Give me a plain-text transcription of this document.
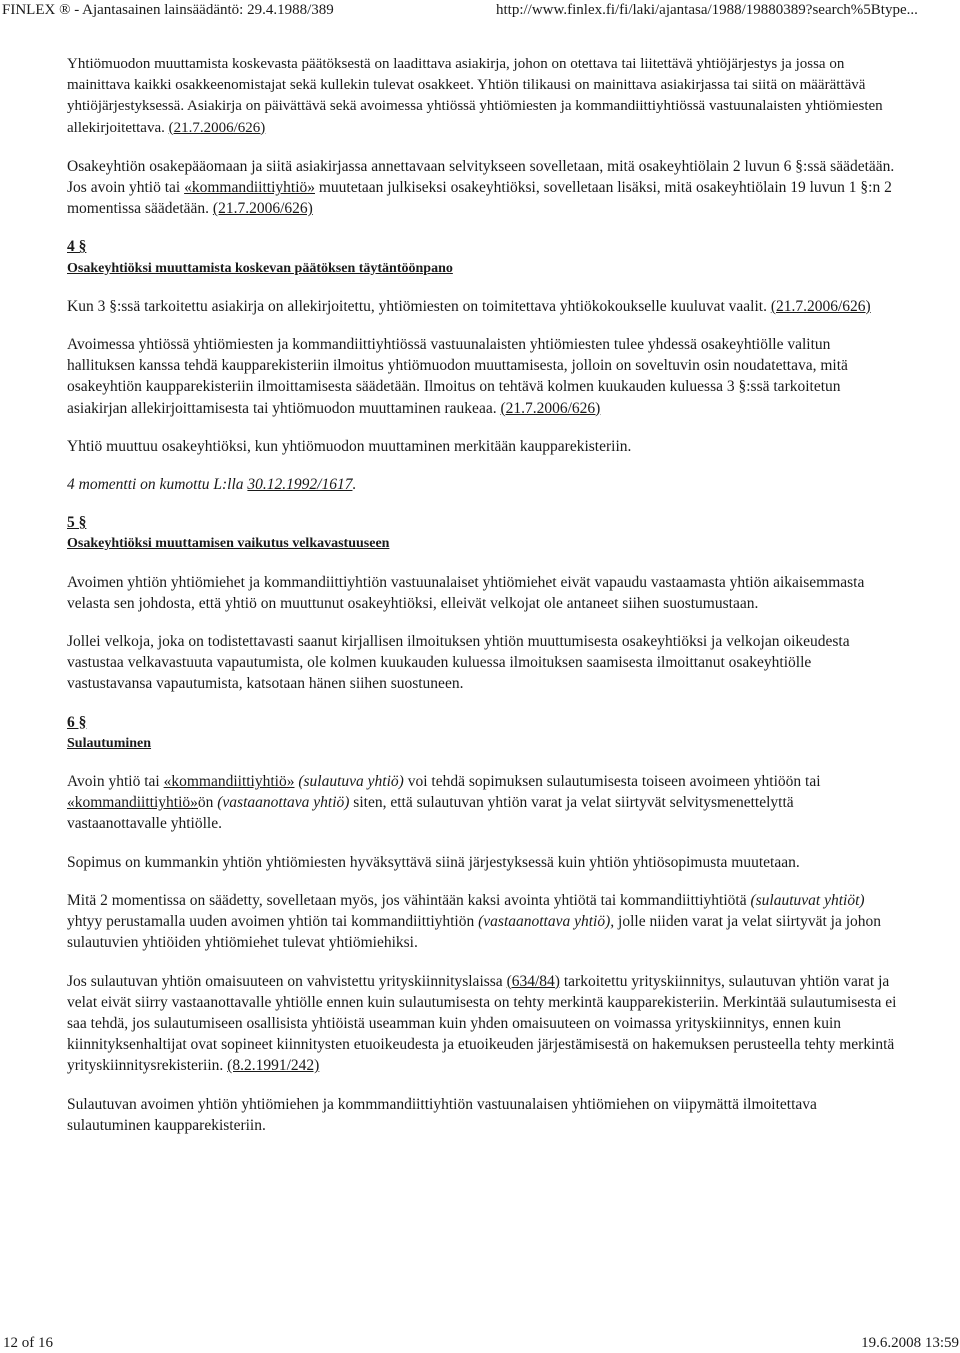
FINLEX ® - Ajantasainen lainsäädäntö: 29.4.1988/389	http://www.finlex.fi/fi/laki/ajantasa/1988/19880389?search%5Btype...

Yhtiömuodon muuttamista koskevasta päätöksestä on laadittava asiakirja, johon on otettava tai liitettävä yhtiöjärjestys ja jossa on mainittava kaikki osakkeenomistajat sekä kullekin tulevat osakkeet. Yhtiön tilikausi on mainittava asiakirjassa tai siitä on määrättävä yhtiöjärjestyksessä. Asiakirja on päivättävä sekä avoimessa yhtiössä yhtiömiesten ja kommandiittiyhtiössä vastuunalaisten yhtiömiesten allekirjoitettava. (21.7.2006/626)

Osakeyhtiön osakepääomaan ja siitä asiakirjassa annettavaan selvitykseen sovelletaan, mitä osakeyhtiölain 2 luvun 6 §:ssä säädetään. Jos avoin yhtiö tai «kommandiittiyhtiö» muutetaan julkiseksi osakeyhtiöksi, sovelletaan lisäksi, mitä osakeyhtiölain 19 luvun 1 §:n 2 momentissa säädetään. (21.7.2006/626)

4 §

Osakeyhtiöksi muuttamista koskevan päätöksen täytäntöönpano

Kun 3 §:ssä tarkoitettu asiakirja on allekirjoitettu, yhtiömiesten on toimitettava yhtiökokoukselle kuuluvat vaalit. (21.7.2006/626)

Avoimessa yhtiössä yhtiömiesten ja kommandiittiyhtiössä vastuunalaisten yhtiömiesten tulee yhdessä osakeyhtiölle valitun hallituksen kanssa tehdä kaupparekisteriin ilmoitus yhtiömuodon muuttamisesta, jolloin on soveltuvin osin noudatettava, mitä osakeyhtiön kaupparekisteriin ilmoittamisesta säädetään. Ilmoitus on tehtävä kolmen kuukauden kuluessa 3 §:ssä tarkoitetun asiakirjan allekirjoittamisesta tai yhtiömuodon muuttaminen raukeaa. (21.7.2006/626)

Yhtiö muuttuu osakeyhtiöksi, kun yhtiömuodon muuttaminen merkitään kaupparekisteriin.

4 momentti on kumottu L:lla 30.12.1992/1617.

5 §

Osakeyhtiöksi muuttamisen vaikutus velkavastuuseen

Avoimen yhtiön yhtiömiehet ja kommandiittiyhtiön vastuunalaiset yhtiömiehet eivät vapaudu vastaamasta yhtiön aikaisemmasta velasta sen johdosta, että yhtiö on muuttunut osakeyhtiöksi, elleivät velkojat ole antaneet siihen suostumustaan.

Jollei velkoja, joka on todistettavasti saanut kirjallisen ilmoituksen yhtiön muuttumisesta osakeyhtiöksi ja velkojan oikeudesta vastustaa velkavastuuta vapautumista, ole kolmen kuukauden kuluessa ilmoituksen saamisesta ilmoittanut osakeyhtiölle vastustavansa vapautumista, katsotaan hänen siihen suostuneen.

6 §

Sulautuminen

Avoin yhtiö tai «kommandiittiyhtiö» (sulautuva yhtiö) voi tehdä sopimuksen sulautumisesta toiseen avoimeen yhtiöön tai «kommandiittiyhtiö»ön (vastaanottava yhtiö) siten, että sulautuvan yhtiön varat ja velat siirtyvät selvitysmenettelyttä vastaanottavalle yhtiölle.

Sopimus on kummankin yhtiön yhtiömiesten hyväksyttävä siinä järjestyksessä kuin yhtiön yhtiösopimusta muutetaan.

Mitä 2 momentissa on säädetty, sovelletaan myös, jos vähintään kaksi avointa yhtiötä tai kommandiittiyhtiötä (sulautuvat yhtiöt) yhtyy perustamalla uuden avoimen yhtiön tai kommandiittiyhtiön (vastaanottava yhtiö), jolle niiden varat ja velat siirtyvät ja johon sulautuvien yhtiöiden yhtiömiehet tulevat yhtiömiehiksi.

Jos sulautuvan yhtiön omaisuuteen on vahvistettu yrityskiinnityslaissa (634/84) tarkoitettu yrityskiinnitys, sulautuvan yhtiön varat ja velat eivät siirry vastaanottavalle yhtiölle ennen kuin sulautumisesta on tehty merkintä kaupparekisteriin. Merkintää sulautumisesta ei saa tehdä, jos sulautumiseen osallisista yhtiöistä useamman kuin yhden omaisuuteen on voimassa yrityskiinnitys, ennen kuin kiinnityksenhaltijat ovat sopineet kiinnitysten etuoikeudesta ja etuoikeuden järjestämisestä on hakemuksen perusteella tehty merkintä yrityskiinnitysrekisteriin. (8.2.1991/242)

Sulautuvan avoimen yhtiön yhtiömiehen ja kommmandiittiyhtiön vastuunalaisen yhtiömiehen on viipymättä ilmoitettava sulautuminen kaupparekisteriin.

12 of 16	19.6.2008 13:59
